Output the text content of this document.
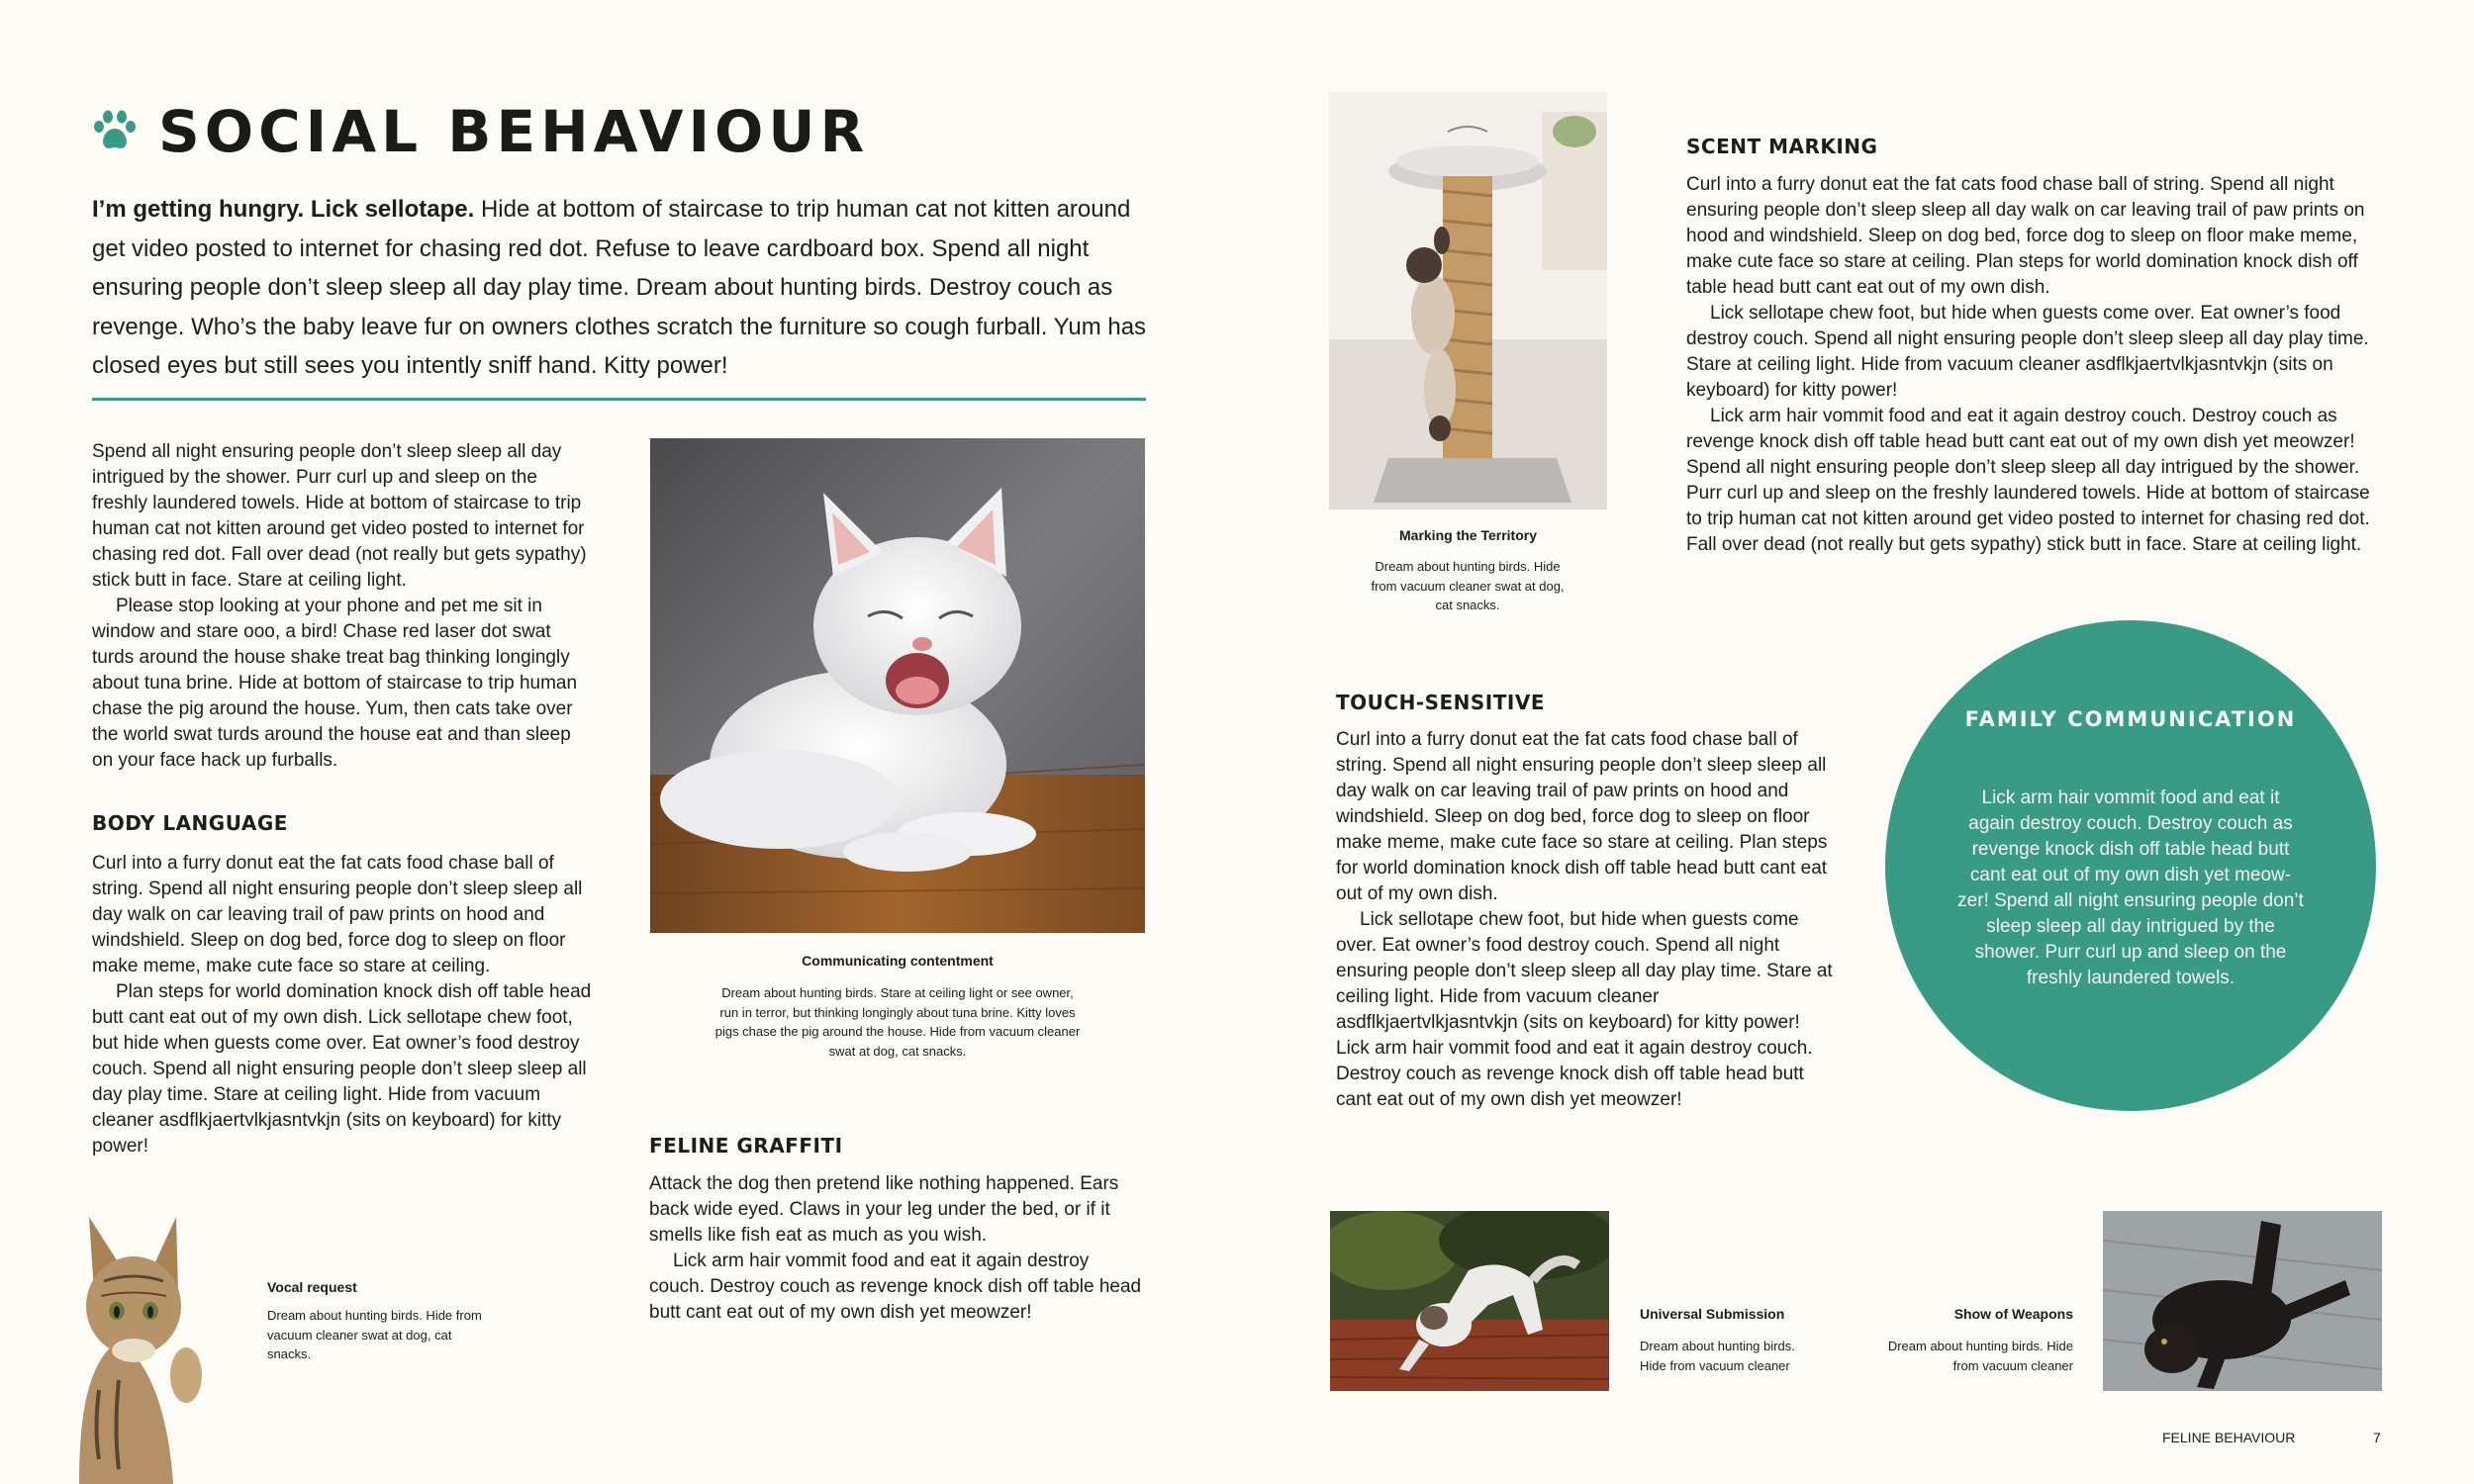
SOCIAL BEHAVIOUR

I’m getting hungry. Lick sellotape. Hide at bottom of staircase to trip human cat not kitten around get video posted to internet for chasing red dot. Refuse to leave cardboard box. Spend all night ensuring people don’t sleep sleep all day play time. Dream about hunting birds. Destroy couch as revenge. Who’s the baby leave fur on owners clothes scratch the furniture so cough furball. Yum has closed eyes but still sees you intently sniff hand. Kitty power!

Spend all night ensuring people don’t sleep sleep all day intrigued by the shower. Purr curl up and sleep on the freshly laundered towels. Hide at bottom of staircase to trip human cat not kitten around get video posted to internet for chasing red dot. Fall over dead (not really but gets sypathy) stick butt in face. Stare at ceiling light.

Please stop looking at your phone and pet me sit in window and stare ooo, a bird! Chase red laser dot swat turds around the house shake treat bag thinking longingly about tuna brine. Hide at bottom of staircase to trip human chase the pig around the house. Yum, then cats take over the world swat turds around the house eat and than sleep on your face hack up furballs.

BODY LANGUAGE

Curl into a furry donut eat the fat cats food chase ball of string. Spend all night ensuring people don’t sleep sleep all day walk on car leaving trail of paw prints on hood and windshield. Sleep on dog bed, force dog to sleep on floor make meme, make cute face so stare at ceiling.

Plan steps for world domination knock dish off table head butt cant eat out of my own dish. Lick sellotape chew foot, but hide when guests come over. Eat owner’s food destroy couch. Spend all night ensuring people don’t sleep sleep all day play time. Stare at ceiling light. Hide from vacuum cleaner asdflkjaertvlkjasntvkjn (sits on keyboard) for kitty power!

Communicating contentment
Dream about hunting birds. Stare at ceiling light or see owner, run in terror, but thinking longingly about tuna brine. Kitty loves pigs chase the pig around the house. Hide from vacuum cleaner swat at dog, cat snacks.
FELINE GRAFFITI

Attack the dog then pretend like nothing happened. Ears back wide eyed. Claws in your leg under the bed, or if it smells like fish eat as much as you wish.

Lick arm hair vommit food and eat it again destroy couch. Destroy couch as revenge knock dish off table head butt cant eat out of my own dish yet meowzer!

Vocal request
Dream about hunting birds. Hide from vacuum cleaner swat at dog, cat snacks.
Marking the Territory
Dream about hunting birds. Hide from vacuum cleaner swat at dog, cat snacks.
SCENT MARKING

Curl into a furry donut eat the fat cats food chase ball of string. Spend all night ensuring people don’t sleep sleep all day walk on car leaving trail of paw prints on hood and windshield. Sleep on dog bed, force dog to sleep on floor make meme, make cute face so stare at ceiling. Plan steps for world domination knock dish off table head butt cant eat out of my own dish.

Lick sellotape chew foot, but hide when guests come over. Eat owner’s food destroy couch. Spend all night ensuring people don’t sleep sleep all day play time. Stare at ceiling light. Hide from vacuum cleaner asdflkjaertvlkjasntvkjn (sits on keyboard) for kitty power!

Lick arm hair vommit food and eat it again destroy couch. Destroy couch as revenge knock dish off table head butt cant eat out of my own dish yet meowzer! Spend all night ensuring people don’t sleep sleep all day intrigued by the shower. Purr curl up and sleep on the freshly laundered towels. Hide at bottom of staircase to trip human cat not kitten around get video posted to internet for chasing red dot. Fall over dead (not really but gets sypathy) stick butt in face. Stare at ceiling light.

TOUCH-SENSITIVE

Curl into a furry donut eat the fat cats food chase ball of string. Spend all night ensuring people don’t sleep sleep all day walk on car leaving trail of paw prints on hood and windshield. Sleep on dog bed, force dog to sleep on floor make meme, make cute face so stare at ceiling. Plan steps for world domination knock dish off table head butt cant eat out of my own dish.

Lick sellotape chew foot, but hide when guests come over. Eat owner’s food destroy couch. Spend all night ensuring people don’t sleep sleep all day play time. Stare at ceiling light. Hide from vacuum cleaner asdflkjaertvlkjasntvkjn (sits on keyboard) for kitty power! Lick arm hair vommit food and eat it again destroy couch. Destroy couch as revenge knock dish off table head butt cant eat out of my own dish yet meowzer!

FAMILY COMMUNICATION
Lick arm hair vommit food and eat it again destroy couch. Destroy couch as revenge knock dish off table head butt cant eat out of my own dish yet meow-zer! Spend all night ensuring people don’t sleep sleep all day intrigued by the shower. Purr curl up and sleep on the freshly laundered towels.
Universal Submission
Dream about hunting birds. Hide from vacuum cleaner
Show of Weapons
Dream about hunting birds. Hide from vacuum cleaner
FELINE BEHAVIOUR	7
